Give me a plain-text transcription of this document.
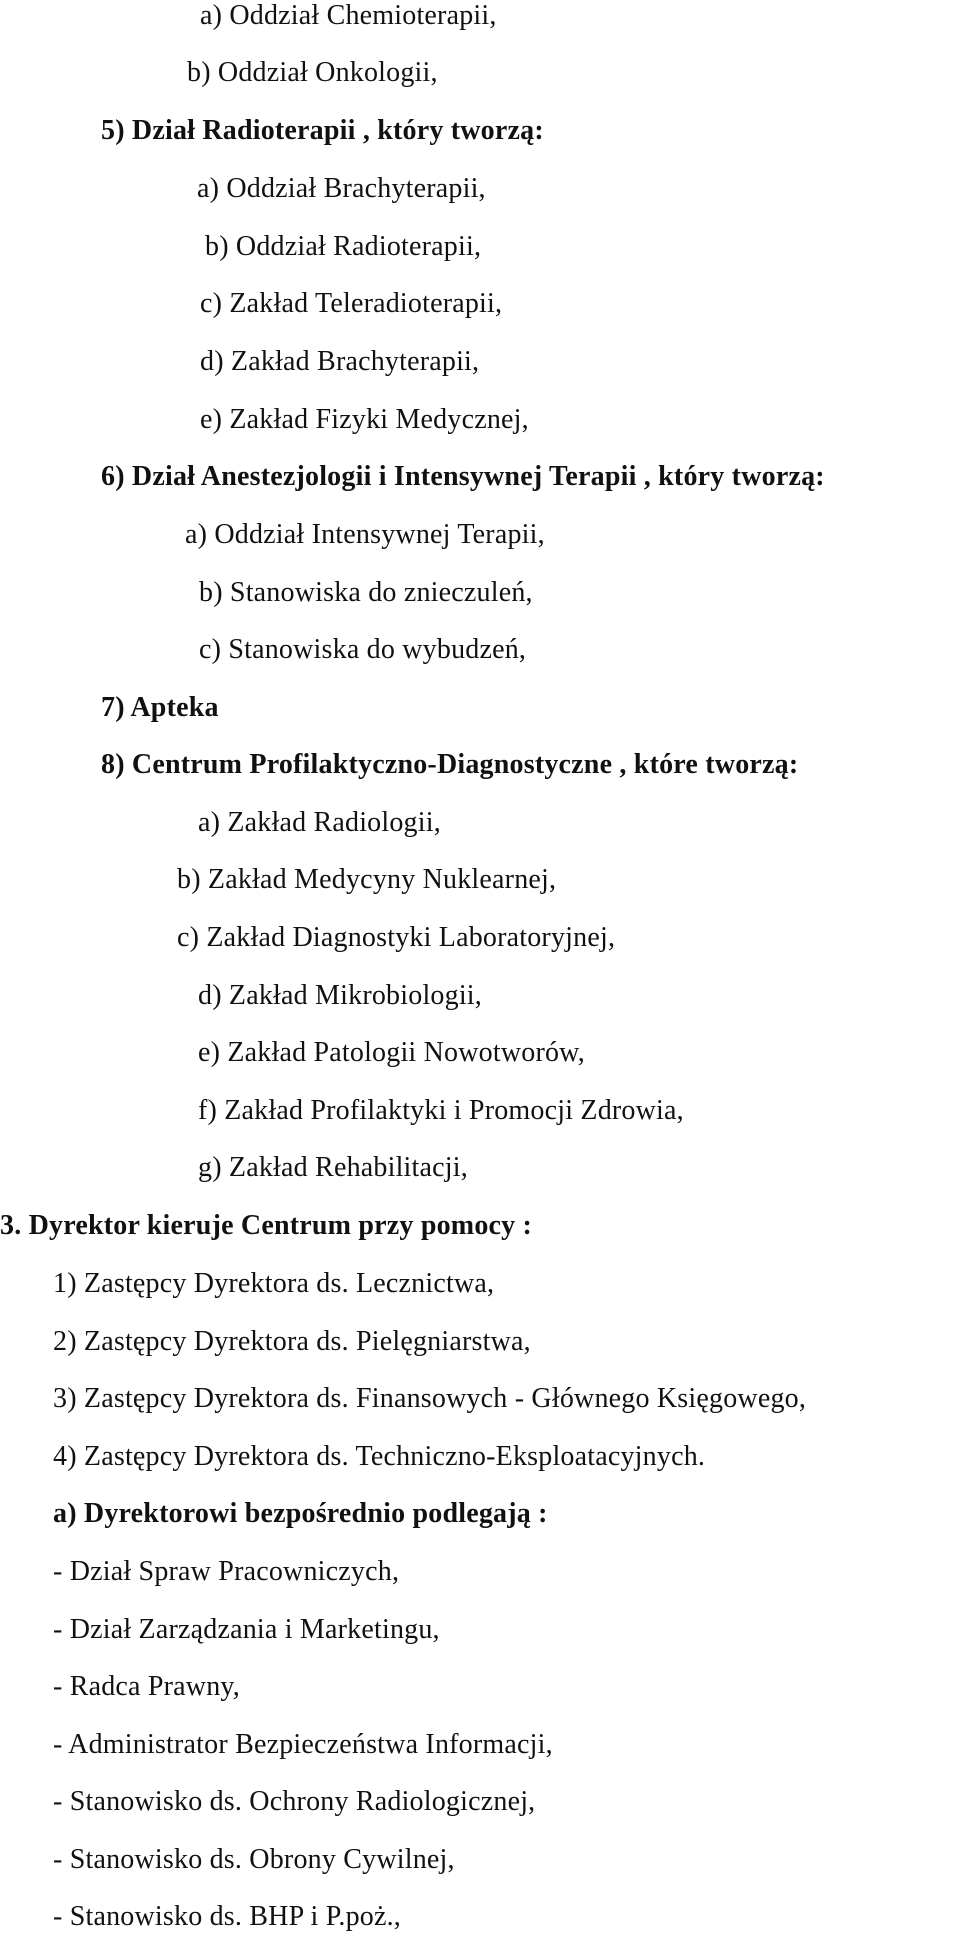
a) Oddział Chemioterapii,

b) Oddział Onkologii,

5) Dział Radioterapii , który tworzą:

a) Oddział Brachyterapii,

b) Oddział Radioterapii,

c) Zakład Teleradioterapii,

d) Zakład Brachyterapii,

e) Zakład Fizyki Medycznej,

6) Dział Anestezjologii i Intensywnej Terapii , który tworzą:

a) Oddział Intensywnej Terapii,

b) Stanowiska do znieczuleń,

c) Stanowiska do wybudzeń,

7) Apteka

8) Centrum Profilaktyczno-Diagnostyczne , które tworzą:

a) Zakład Radiologii,

b) Zakład Medycyny Nuklearnej,

c) Zakład Diagnostyki Laboratoryjnej,

d) Zakład Mikrobiologii,

e) Zakład Patologii Nowotworów,

f) Zakład Profilaktyki i Promocji Zdrowia,

g) Zakład Rehabilitacji,

3. Dyrektor kieruje Centrum przy pomocy :

1) Zastępcy Dyrektora ds. Lecznictwa,

2) Zastępcy Dyrektora ds. Pielęgniarstwa,

3) Zastępcy Dyrektora ds. Finansowych - Głównego Księgowego,

4) Zastępcy Dyrektora ds. Techniczno-Eksploatacyjnych.

a) Dyrektorowi bezpośrednio podlegają :

- Dział Spraw Pracowniczych,

- Dział Zarządzania i Marketingu,

- Radca Prawny,

- Administrator Bezpieczeństwa Informacji,

- Stanowisko ds. Ochrony Radiologicznej,

- Stanowisko ds. Obrony Cywilnej,

- Stanowisko ds. BHP i P.poż.,
